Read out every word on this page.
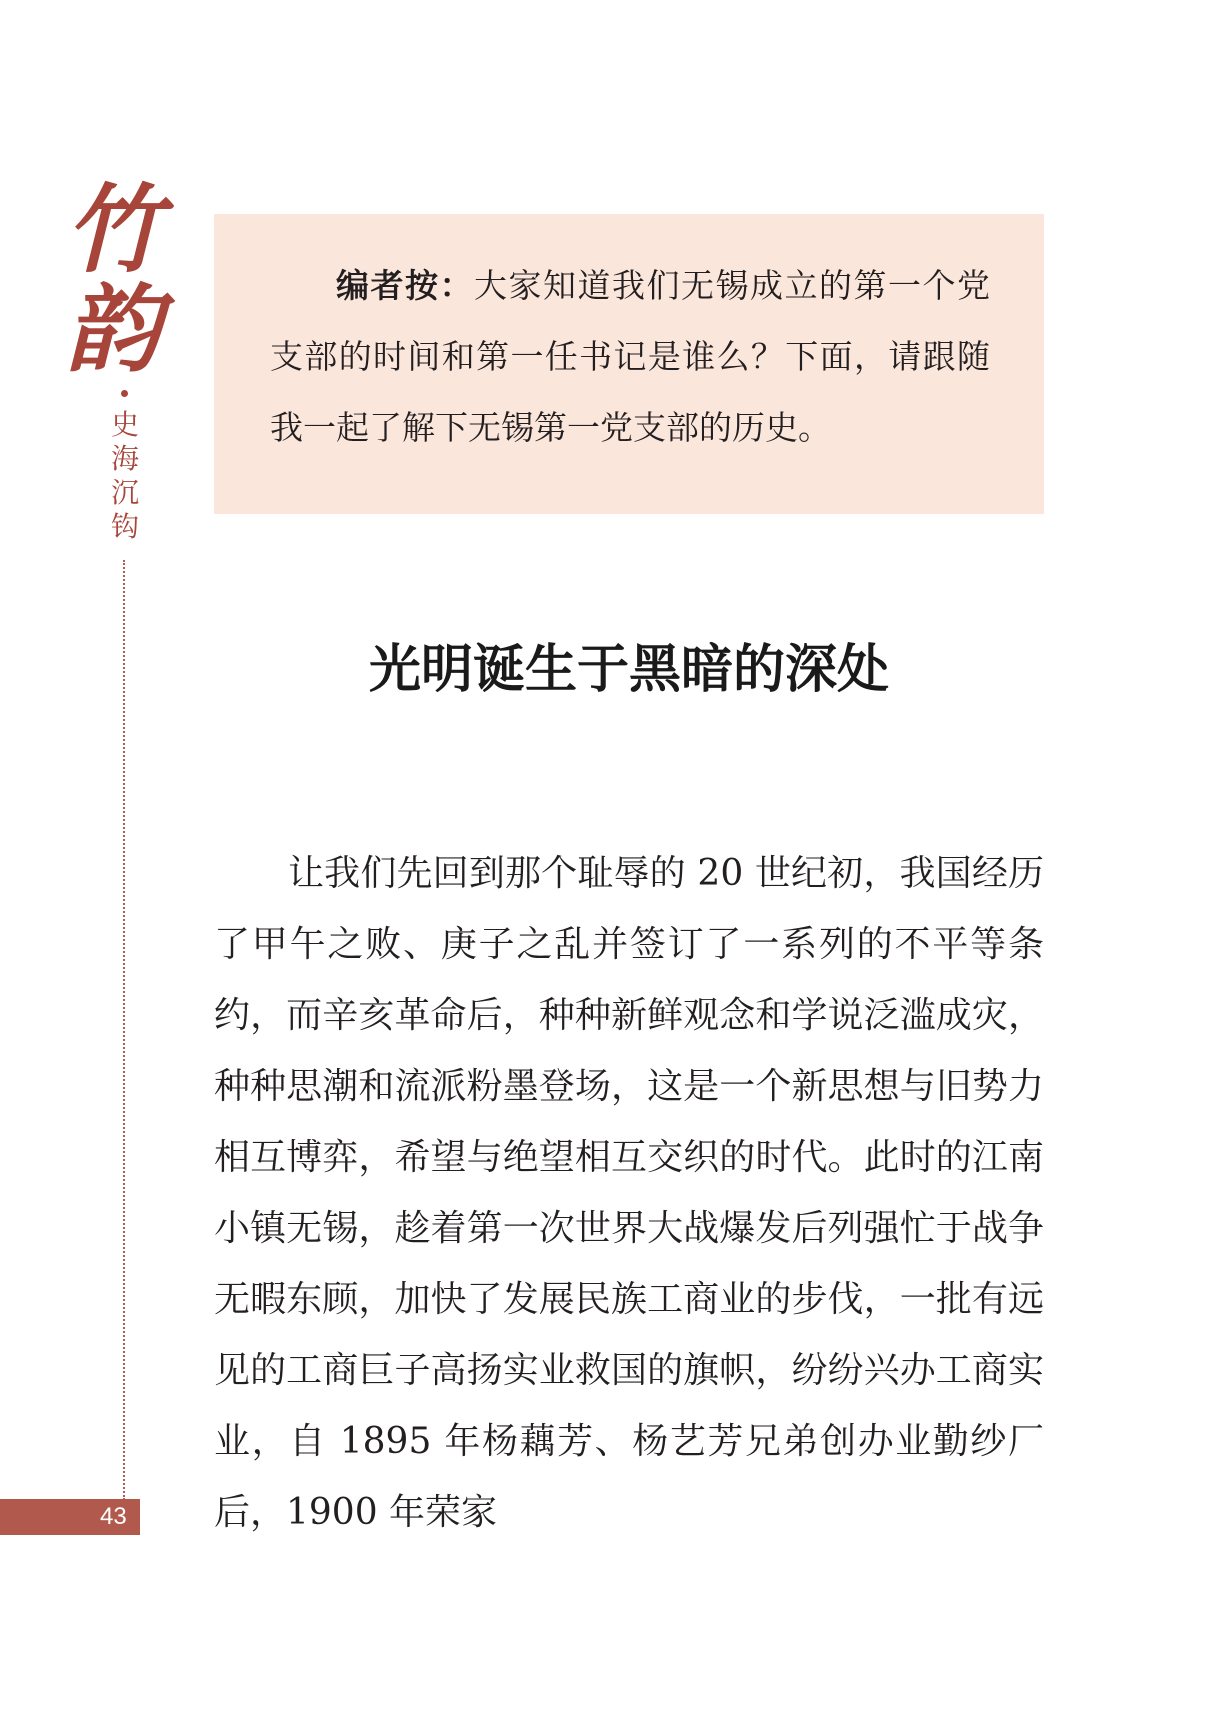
竹
韵
史
海
沉
钩
43

编者按：大家知道我们无锡成立的第一个党支部的时间和第一任书记是谁么？下面，请跟随我一起了解下无锡第一党支部的历史。

光明诞生于黑暗的深处

让我们先回到那个耻辱的 20 世纪初，我国经历了甲午之败、庚子之乱并签订了一系列的不平等条约，而辛亥革命后，种种新鲜观念和学说泛滥成灾，种种思潮和流派粉墨登场，这是一个新思想与旧势力相互博弈，希望与绝望相互交织的时代。此时的江南小镇无锡，趁着第一次世界大战爆发后列强忙于战争无暇东顾，加快了发展民族工商业的步伐，一批有远见的工商巨子高扬实业救国的旗帜，纷纷兴办工商实业，自 1895 年杨藕芳、杨艺芳兄弟创办业勤纱厂后，1900 年荣家
